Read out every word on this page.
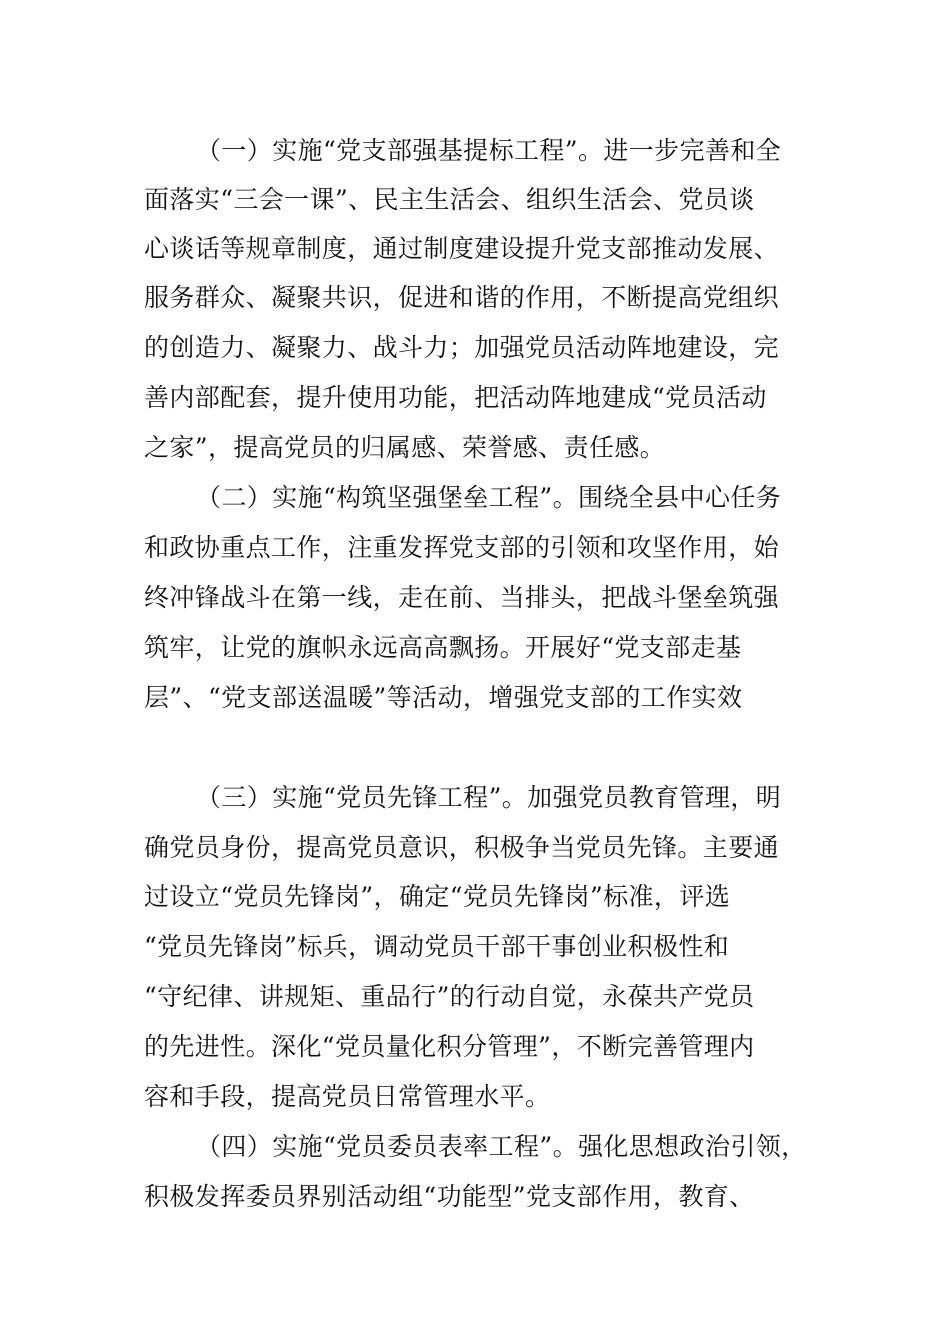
（一）实施“党支部强基提标工程”。进一步完善和全
面落实“三会一课”、民主生活会、组织生活会、党员谈
心谈话等规章制度，通过制度建设提升党支部推动发展、
服务群众、凝聚共识，促进和谐的作用，不断提高党组织
的创造力、凝聚力、战斗力；加强党员活动阵地建设，完
善内部配套，提升使用功能，把活动阵地建成“党员活动
之家”，提高党员的归属感、荣誉感、责任感。
（二）实施“构筑坚强堡垒工程”。围绕全县中心任务
和政协重点工作，注重发挥党支部的引领和攻坚作用，始
终冲锋战斗在第一线，走在前、当排头，把战斗堡垒筑强
筑牢，让党的旗帜永远高高飘扬。开展好“党支部走基
层”、“党支部送温暖”等活动，增强党支部的工作实效
（三）实施“党员先锋工程”。加强党员教育管理，明
确党员身份，提高党员意识，积极争当党员先锋。主要通
过设立“党员先锋岗”，确定“党员先锋岗”标准，评选
“党员先锋岗”标兵，调动党员干部干事创业积极性和
“守纪律、讲规矩、重品行”的行动自觉，永葆共产党员
的先进性。深化“党员量化积分管理”，不断完善管理内
容和手段，提高党员日常管理水平。
（四）实施“党员委员表率工程”。强化思想政治引领，
积极发挥委员界别活动组“功能型”党支部作用，教育、
